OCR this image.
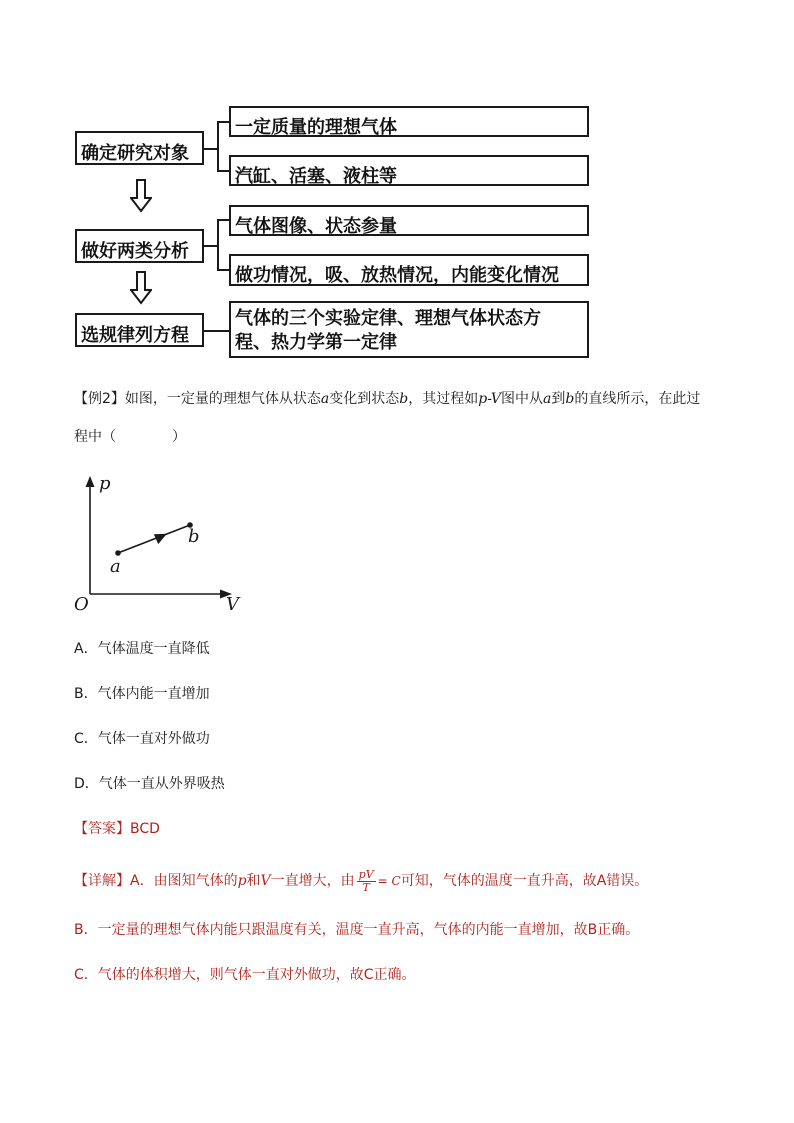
确定研究对象
做好两类分析
选规律列方程
一定质量的理想气体
汽缸、活塞、液柱等
气体图像、状态参量
做功情况，吸、放热情况，内能变化情况
气体的三个实验定律、理想气体状态方
程、热力学第一定律
【例2】如图，一定量的理想气体从状态a变化到状态b，其过程如p-V图中从a到b的直线所示，在此过
程中（　　　　）
p
V
O
a
b
A．气体温度一直降低
B．气体内能一直增加
C．气体一直对外做功
D．气体一直从外界吸热
【答案】BCD
【详解】A．由图知气体的p和V一直增大，由 $\frac{pV}{T} = C$可知，气体的温度一直升高，故A错误。
B．一定量的理想气体内能只跟温度有关，温度一直升高，气体的内能一直增加，故B正确。
C．气体的体积增大，则气体一直对外做功，故C正确。
